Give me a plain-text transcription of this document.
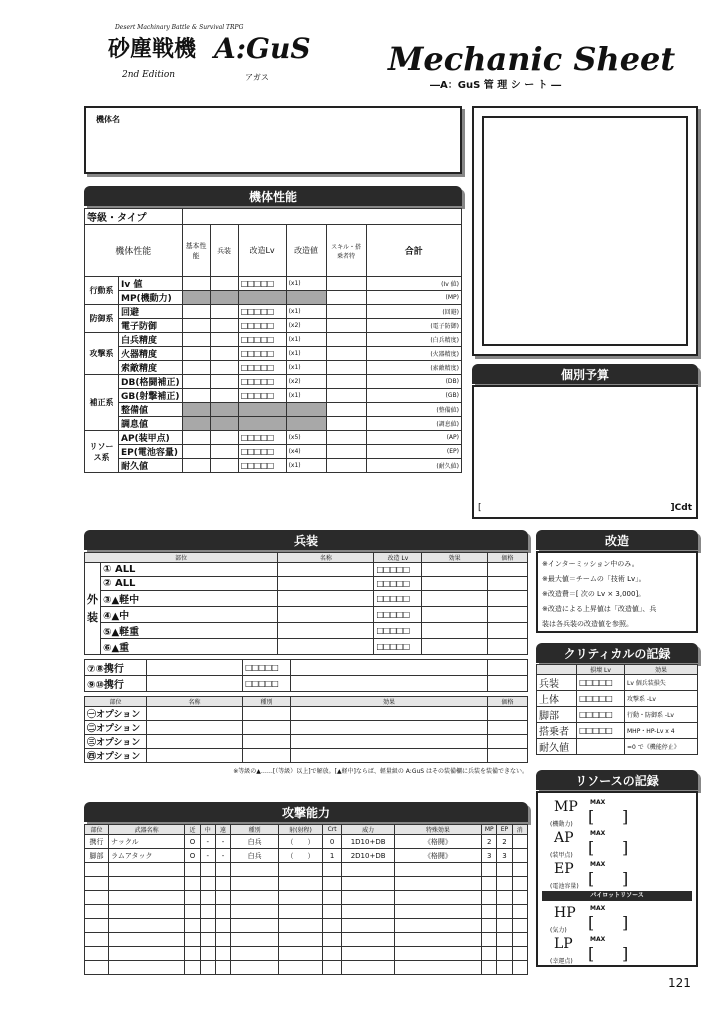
Desert Machinary Battle & Survival TRPG
砂塵戦機 A:GuS
2nd Edition	アガス	Mechanic Sheet
―A：GuS 管 理 シ ー ト ―
機体名
機体性能
等級・タイプ							
機体性能		基本性能	兵装	改造Lv	改造値	スキル・搭乗者特	合計
行動系	Iv 値			□□□□□	(x1)		(Iv 値)
	MP(機動力)						(MP)
防御系	回避			□□□□□	(x1)		(回避)
	電子防御			□□□□□	(x2)		(電子防御)
攻撃系	白兵精度			□□□□□	(x1)		(白兵精度)
	火器精度			□□□□□	(x1)		(火器精度)
	索敵精度			□□□□□	(x1)		(索敵精度)
補正系	DB(格闘補正)			□□□□□	(x2)		(DB)
	GB(射撃補正)			□□□□□	(x1)		(GB)
	整備値						(整備値)
	調息値						(調息値)
リソース系	AP(装甲点)			□□□□□	(x5)		(AP)
	EP(電池容量)			□□□□□	(x4)		(EP)
	耐久値			□□□□□	(x1)		(耐久値)
個別予算
[	]Cdt
兵装
部位		名称	改造 Lv	効果	価格
外装	① ALL		□□□□□		
	② ALL		□□□□□		
	③▲軽中		□□□□□		
	④▲中		□□□□□		
	⑤▲軽重		□□□□□		
	⑥▲重		□□□□□		
⑦⑧携行		□□□□□		
⑨⑩携行		□□□□□		
部位	名称	種別	効果	価格
㊀オプション				
㊁オプション				
㊂オプション				
㊃オプション				
※等級の▲……[（等級）以上]で解放。[▲軽中]ならば、軽量級の A:GuS はその装備欄に兵装を装備できない。
改造
※インターミッション中のみ。
※最大値＝チームの「技術 Lv」。
※改造費＝[ 次の Lv × 3,000]。
※改造による上昇値は「改造値」、兵
装は各兵装の改造値を参照。
クリティカルの記録
	損壊 Lv	効果
兵装	□□□□□	Lv 個兵装損失
上体	□□□□□	攻撃系 -Lv
脚部	□□□□□	行動・防御系 -Lv
搭乗者	□□□□□	MHP・HP-Lv x 4
耐久値		=0 で《機能停止》
攻撃能力
部位	武器名称	近	中	遠	種別	射(射程)	Crt	威力	特殊効果	MP	EP	消
携行	ナックル	O	-	-	白兵	（　　）	0	1D10+DB	《格闘》	2	2	
脚部	ラムアタック	O	-	-	白兵	（　　）	1	2D10+DB	《格闘》	3	3	

リソースの記録
パイロットリソース
MP
(機動力)
MAX
[ ]
AP
(装甲点)
MAX
[ ]
EP
(電池容量)
MAX
[ ]
HP
(気力)
MAX
[ ]
LP
(幸運点)
MAX
[ ]
121
